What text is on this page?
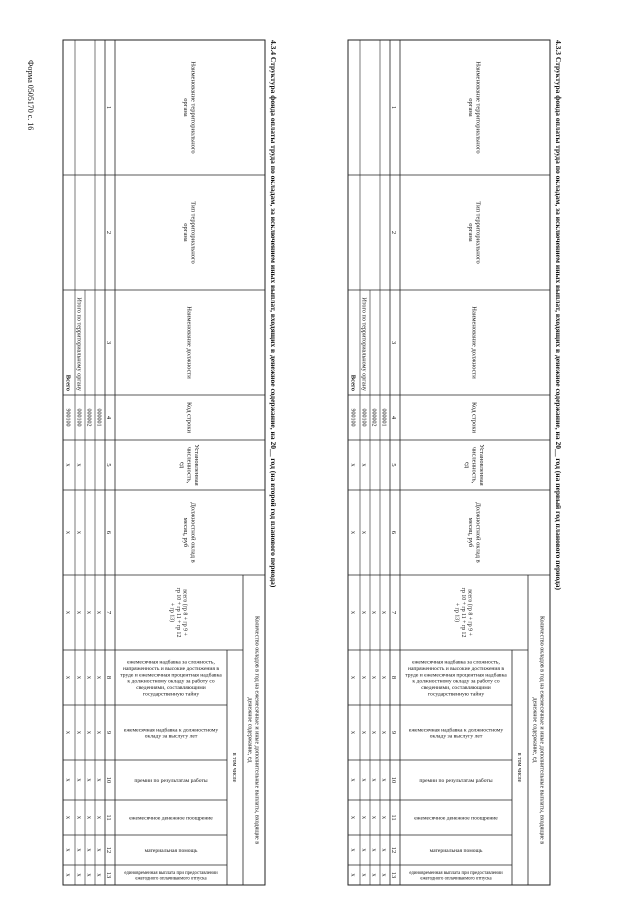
Форма 0505170 с. 16	4.3.3 Структура фонда оплаты труда по окладам, за исключением иных выплат, входящих в денежное содержание, на 20__ год (на первый год планового периода)
Наименование территориальногооргана
Тип территориальногооргана
Наименование должности
Код строки
Установленнаячисленность,ед
Должностной оклад вмесяц, руб
Количество окладов в год на ежемесячные и иные дополнительные выплаты, входящие вденежное содержание, ед
всего (гр 8 + гр 9 +гр 10 + гр 11 + гр 12+ гр 13)
в том числе
ежемесячная надбавка за сложность, напряженность и высокие достижения в труде и ежемесячная процентная надбавка к должностному окладу за работу со сведениями, составляющими государственную тайну
ежемесячная надбавка к должностному окладу за выслугу лет
премии по результатам работы
ежемесячное денежное поощрение
материальная помощь
единовременная выплата при предоставлении ежегодного оплачиваемого отпуска
1
2
3
4
5
6
7
8
9
10
11
12
13
000001
000002
000100
900100
Итого по территориальному органу
Всего
x
x
x
x
x
x
x
x
x
x
x
x
x
x
x
x
x
x
x
x
x
x
x
x
x
x
x
x
x
x
x
x
4.3.4 Структура фонда оплаты труда по окладам, за исключением иных выплат, входящих в денежное содержание, на 20__ год (на второй год планового периода)
Наименование территориальногооргана
Тип территориальногооргана
Наименование должности
Код строки
Установленнаячисленность,ед
Должностной оклад вмесяц, руб
Количество окладов в год на ежемесячные и иные дополнительные выплаты, входящие вденежное содержание, ед
всего (гр 8 + гр 9 +гр 10 + гр 11 + гр 12+ гр 13)
в том числе
ежемесячная надбавка за сложность, напряженность и высокие достижения в труде и ежемесячная процентная надбавка к должностному окладу за работу со сведениями, составляющими государственную тайну
ежемесячная надбавка к должностному окладу за выслугу лет
премии по результатам работы
ежемесячное денежное поощрение
материальная помощь
единовременная выплата при предоставлении ежегодного оплачиваемого отпуска
1
2
3
4
5
6
7
8
9
10
11
12
13
000001
000002
000100
900100
Итого по территориальному органу
Всего
x
x
x
x
x
x
x
x
x
x
x
x
x
x
x
x
x
x
x
x
x
x
x
x
x
x
x
x
x
x
x
x
